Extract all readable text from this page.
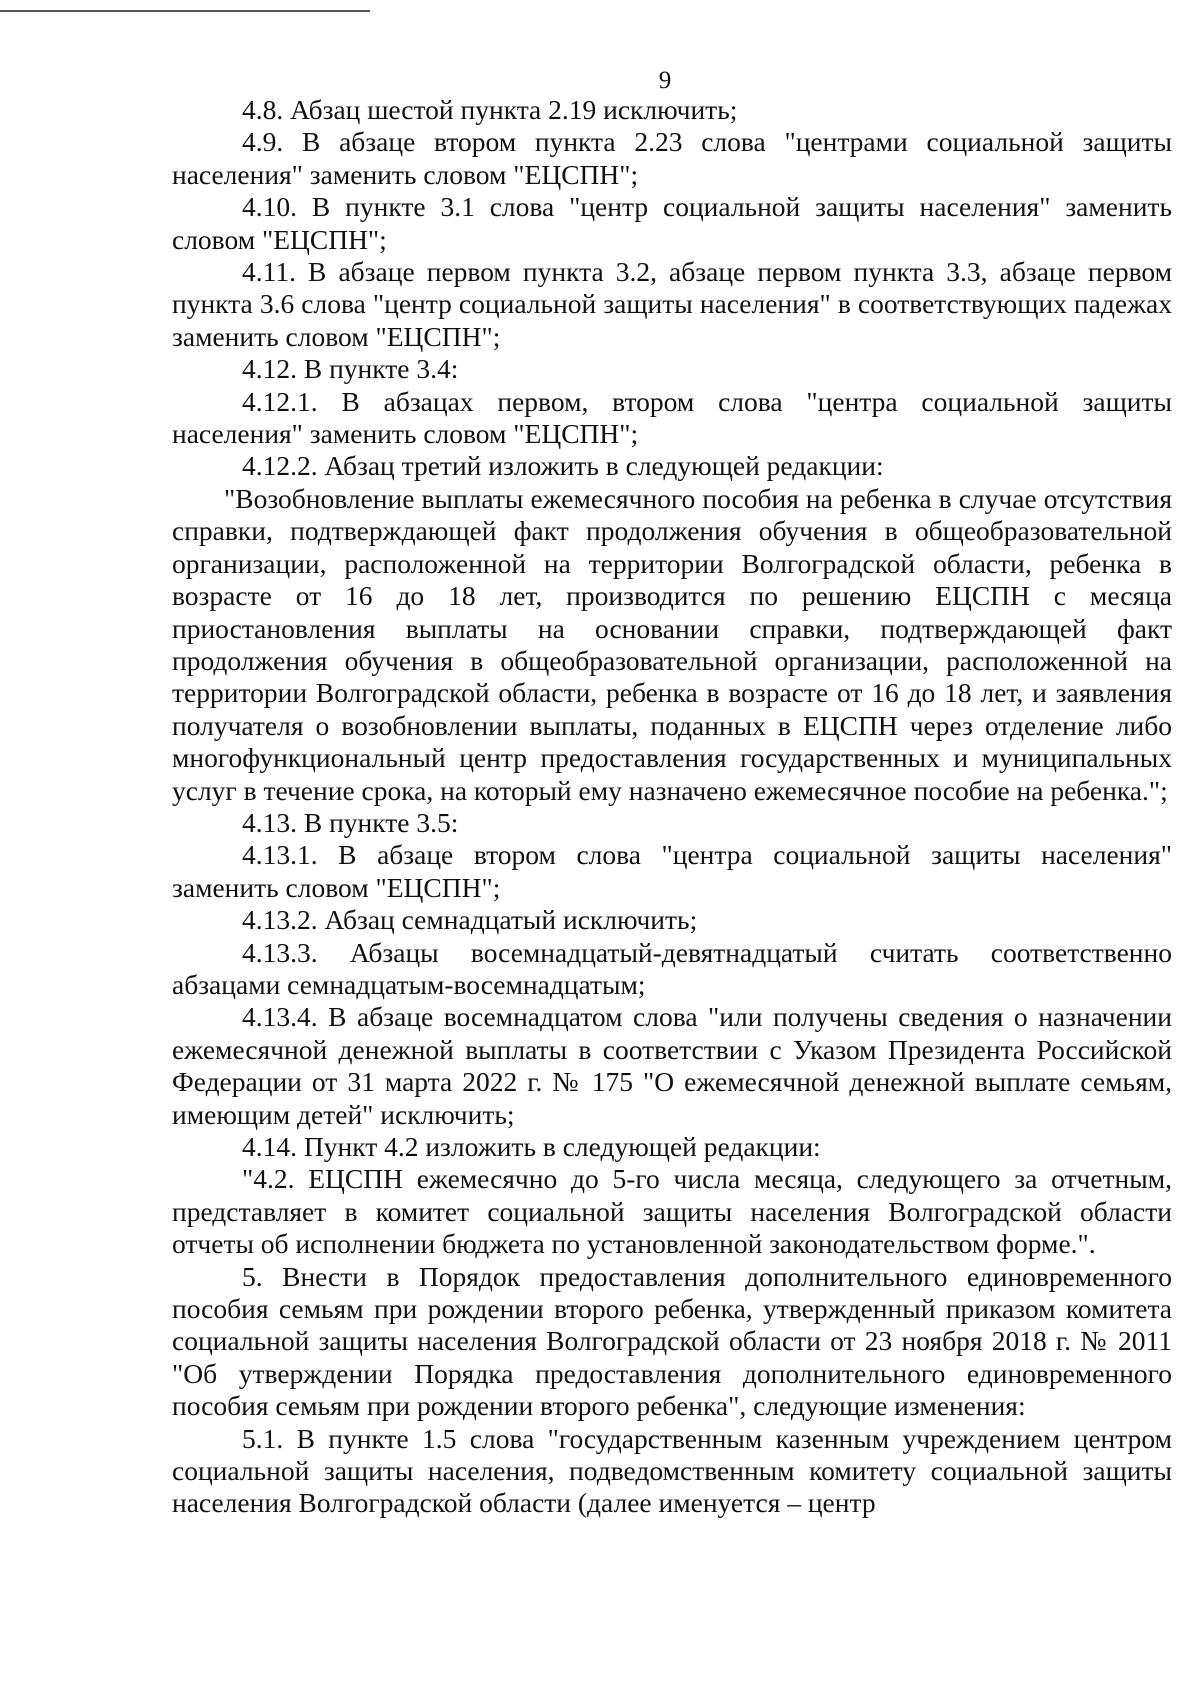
9

4.8. Абзац шестой пункта 2.19 исключить;

4.9. В абзаце втором пункта 2.23 слова "центрами социальной защиты населения" заменить словом "ЕЦСПН";

4.10. В пункте 3.1 слова "центр социальной защиты населения" заменить словом "ЕЦСПН";

4.11. В абзаце первом пункта 3.2, абзаце первом пункта 3.3, абзаце первом пункта 3.6 слова "центр социальной защиты населения" в соответствующих падежах заменить словом "ЕЦСПН";

4.12. В пункте 3.4:

4.12.1. В абзацах первом, втором слова "центра социальной защиты населения" заменить словом "ЕЦСПН";

4.12.2. Абзац третий изложить в следующей редакции:

"Возобновление выплаты ежемесячного пособия на ребенка в случае отсутствия справки, подтверждающей факт продолжения обучения в общеобразовательной организации, расположенной на территории Волгоградской области, ребенка в возрасте от 16 до 18 лет, производится по решению ЕЦСПН с месяца приостановления выплаты на основании справки, подтверждающей факт продолжения обучения в общеобразовательной организации, расположенной на территории Волгоградской области, ребенка в возрасте от 16 до 18 лет, и заявления получателя о возобновлении выплаты, поданных в ЕЦСПН через отделение либо многофункциональный центр предоставления государственных и муниципальных услуг в течение срока, на который ему назначено ежемесячное пособие на ребенка.";

4.13. В пункте 3.5:

4.13.1. В абзаце втором слова "центра социальной защиты населения" заменить словом "ЕЦСПН";

4.13.2. Абзац семнадцатый исключить;

4.13.3. Абзацы восемнадцатый-девятнадцатый считать соответственно абзацами семнадцатым-восемнадцатым;

4.13.4. В абзаце восемнадцатом слова "или получены сведения о назначении ежемесячной денежной выплаты в соответствии с Указом Президента Российской Федерации от 31 марта 2022 г. № 175 "О ежемесячной денежной выплате семьям, имеющим детей" исключить;

4.14. Пункт 4.2 изложить в следующей редакции:

"4.2. ЕЦСПН ежемесячно до 5-го числа месяца, следующего за отчетным, представляет в комитет социальной защиты населения Волгоградской области отчеты об исполнении бюджета по установленной законодательством форме.".

5. Внести в Порядок предоставления дополнительного единовременного пособия семьям при рождении второго ребенка, утвержденный приказом комитета социальной защиты населения Волгоградской области от 23 ноября 2018 г. № 2011 "Об утверждении Порядка предоставления дополнительного единовременного пособия семьям при рождении второго ребенка", следующие изменения:

5.1. В пункте 1.5 слова "государственным казенным учреждением центром социальной защиты населения, подведомственным комитету социальной защиты населения Волгоградской области (далее именуется – центр
